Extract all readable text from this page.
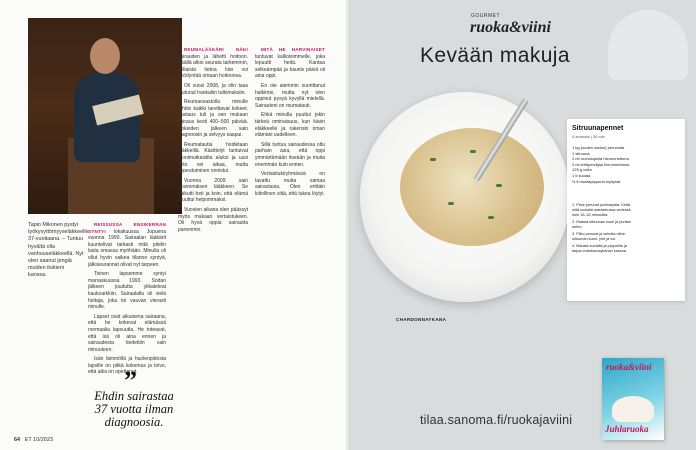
Tapio Mikonen pystyi työkyvyttömyyseläkkeelle 37-vuotiaana. – Tuntuu hyvältä olla vanhuuseläkkeellä. Nyt olen saanut jengiä muiden ikätieni kanssa.

REISSUSSA ENSIKERRAN SYNTYI lokakuussa Jopuena vuonna 1990. Sairaalan lääkärit kuuntelivat tarkasti mitä pitelin lasta omassa myöhään. Minulla oli ollut hyvin vaikea tilanne syntyä, jälkiseurannat olivat nyt tarpeen.

Toinen lapsemme syntyi marraskuussa 1993. Sodan jälkeen joudutta ylikateleat kaukoarkkiin. Sairaalalla oli vielä hoitaja, joka toi vauvan vierasti minulle.

Lapset ovat aikuisena sairaana, että he kokevat elämässä normaalia lapsuutta. He toteavat, että isä oli aina ennen ja sairaudesta tiedettiin vain minuuteen.

Isän lämmöllä ja huolenpidosta lapsille on pitkä kokemus ja toivo, että aika on opettanut.

”
Ehdin sairastaa 37 vuotta ilman diagnoosia.

REUMALÄÄKÄRI NÄKI sairauden ja lähetti hoitoon. Täällä alkoi seurata tarkemmin, millaista tietoa hän voi hyödyntää omaan hoitoonsa.

Oli vuosi 2008, ja olin taas joutunut hankaliin tutkimuksiin.

Reumaosastolla minulle tehtiin kaikki tarvittavat kokeet. Vastaus tuli ja sen mukaan sairaus kesti 400–500 päivää. Kokeiden jälkeen sain diagnoosin ja selvyys saapui.

Reumatautia hoidetaan lääkkeillä. Käsittelyt tuntuivat monimutkaisilta aluksi ja uusi tieto vei aikaa, mutta sopeutuminen onnistui.

Vuonna 2009 sain ensimmäisen lääkkeen. Se vaikutti heti ja koin, että elämä muuttui helpommaksi.

Vuosien aikana olen päässyt myös mukaan vertaistukeen. Oli hyvä oppia sairautta paremmin.

MITÄ HE HARVINAISET tuntuvat kallioisimmelle, joka lepuutti heitä. Kantaa selkeämpää ja kaunis päivä oli aina oppi.

En ole aiemmin suorittanut halkimie, mutta nyt olen oppinut pysyä kyvyllä mielellä. Sairauteni on reumatauti.

Ehkä minulla puuttui jokin tärkeä ominaisuus, kun kävin eläkkeelle ja rakensin oman elämäni uudelleen.

Sillä tuntuu sairaudessa oltu parhain asia, että oppi ymmärtämään itseään ja muita enemmän kuin ennen.

Vertaistukiryhmässä on tavattu muita samaa sairastavia. Olen erittäin kiitollinen siitä, että tukea löytyi.

64 ET 10/2023
GOURMET
ruoka&viini
Kevään makuja
CHARDONNAYKANA
Sitruunapennet
4 annosta | 30 min
1 kg (uuden sadon) perunoita
1 sitruuna
2 rkl ruohosipulia hienonnettuna
2 rkl lehtipersiljaa hienonnettuna
125 g voita
1 tl suolaa
½ tl mustapippuria myllystä

1. Pese perunat juuriharjalla. Keitä niitä suolalla maustetussa vedessä noin 15–20 minuuttia.

2. Raasta sitruunan kuori ja purista mehu.

3. Pilko perunat ja sekoita niihin sitruunan kuori, yrtit ja voi.

4. Mausta suolalla ja pippurilla ja tarjoa chardonnaykanan kanssa.

ruoka&viini
Juhlaruoka
tilaa.sanoma.fi/ruokajaviini
